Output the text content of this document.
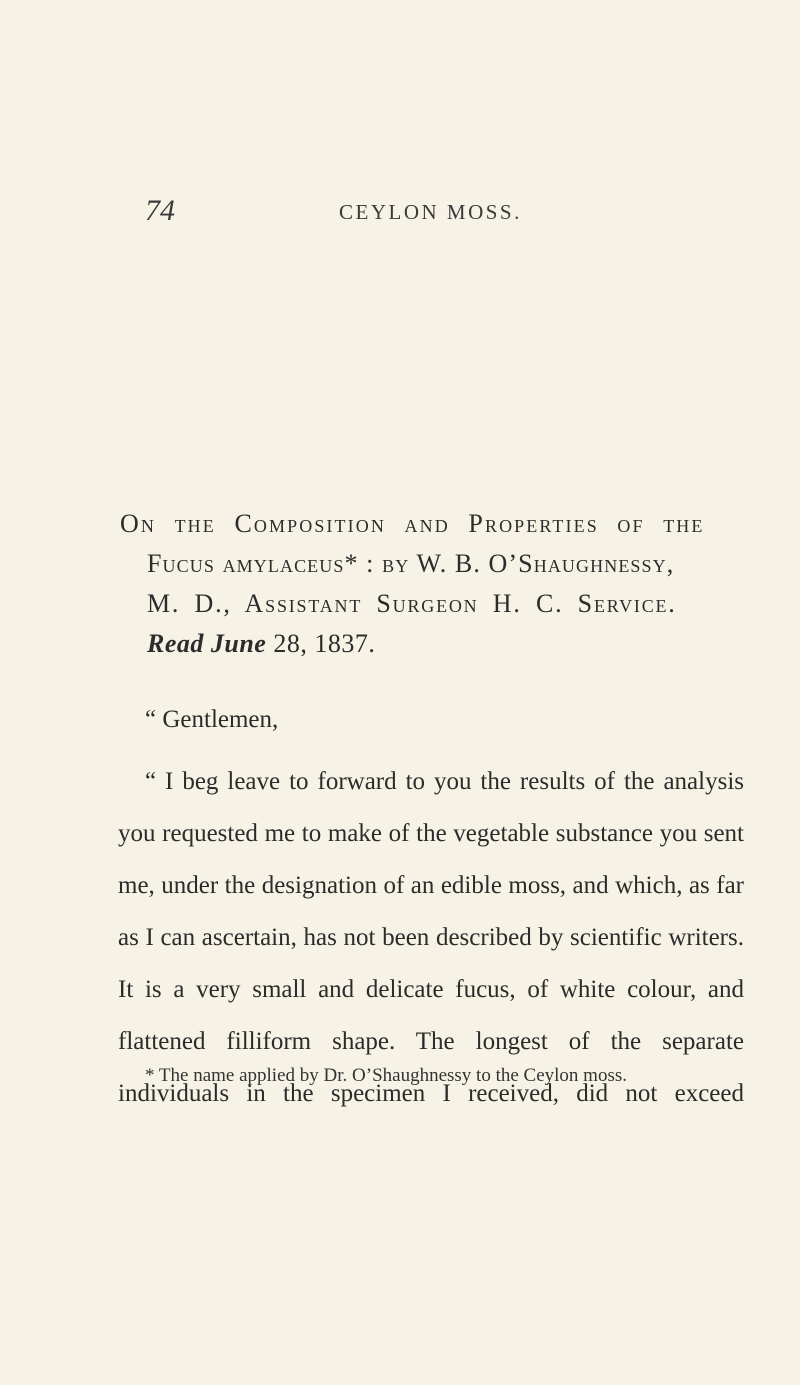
74	CEYLON MOSS.
On the Composition and Properties of the
Fucus amylaceus* : by W. B. O’Shaughnessy,
M. D., Assistant Surgeon H. C. Service.
Read June 28, 1837.

“ Gentlemen,

“ I beg leave to forward to you the results of the analysis you requested me to make of the vegetable substance you sent me, under the designation of an edible moss, and which, as far as I can ascertain, has not been described by scientific writers. It is a very small and delicate fucus, of white colour, and flattened filliform shape. The longest of the separate individuals in the specimen I received, did not exceed

* The name applied by Dr. O’Shaughnessy to the Ceylon moss.
